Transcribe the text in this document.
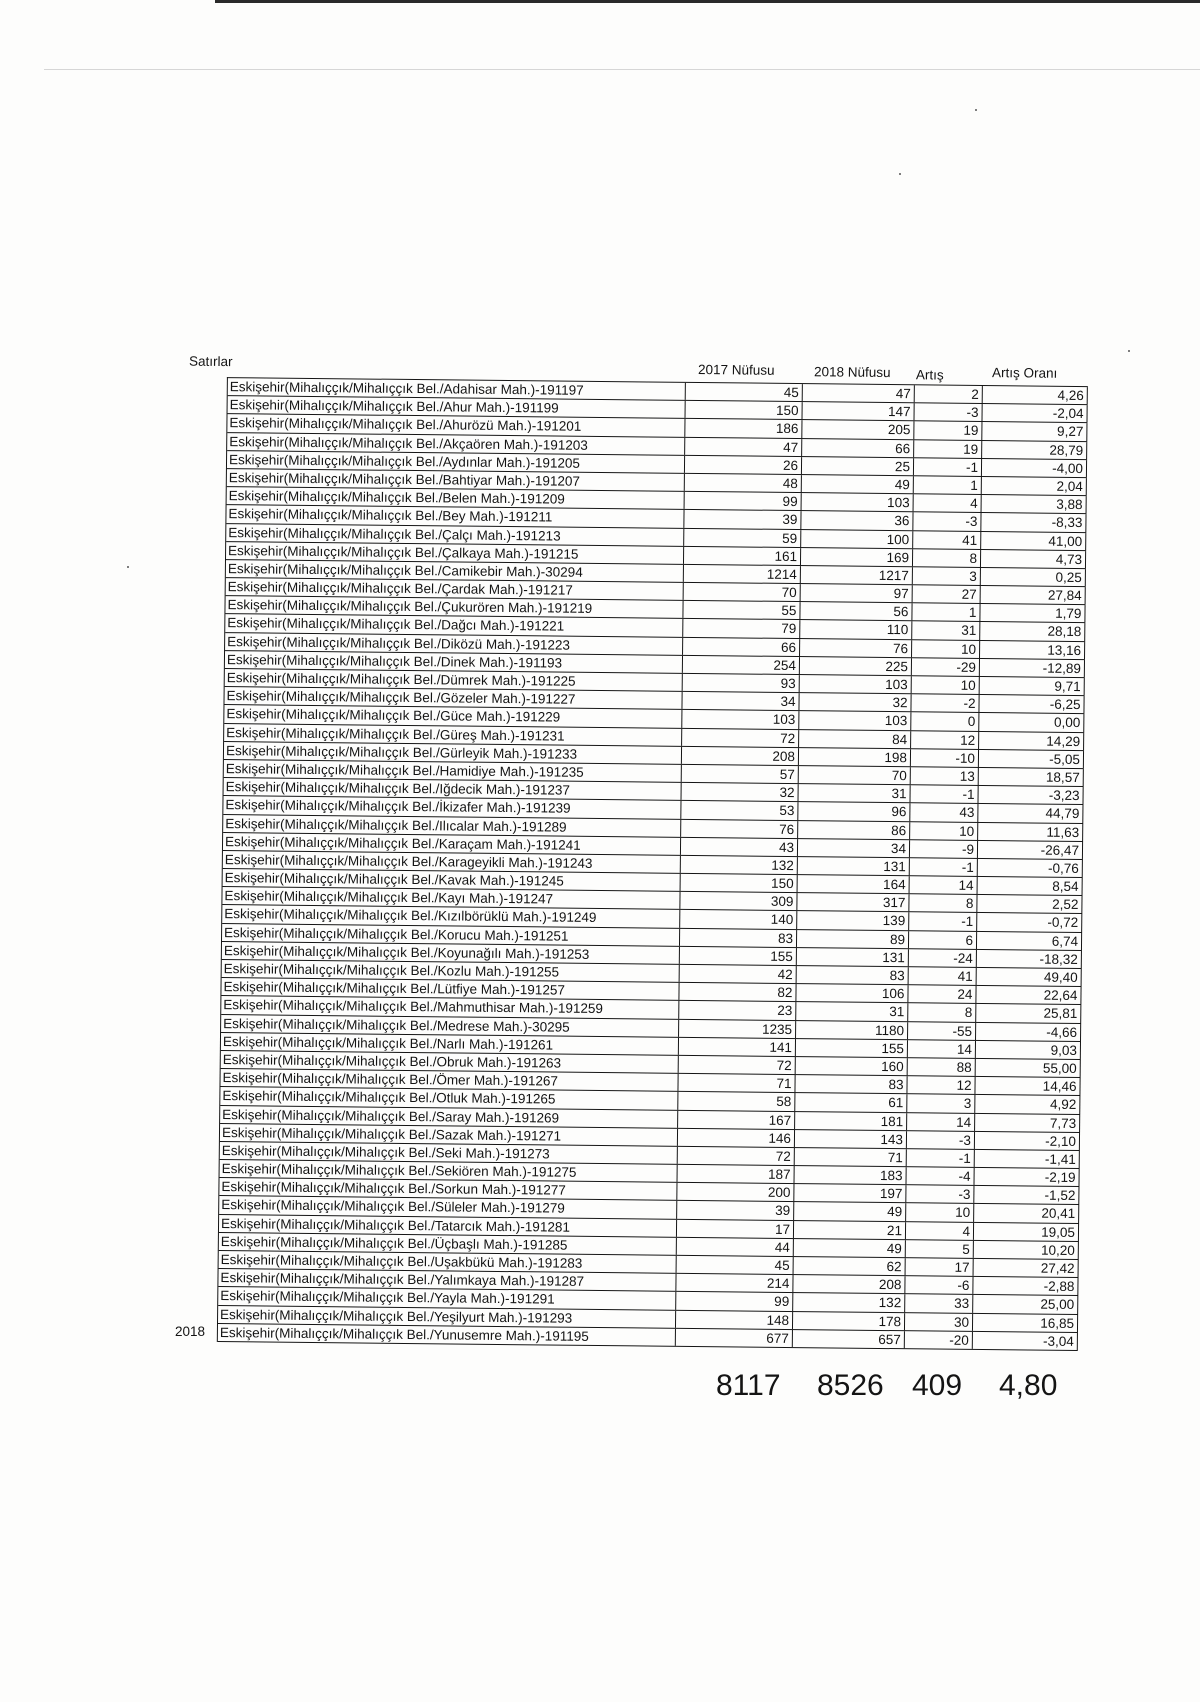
Satırlar
2017 Nüfusu	2018 Nüfusu Artış	Artış Oranı
Eskişehir(Mihalıççık/Mihalıççık Bel./Adahisar Mah.)-191197	45	47	2	4,26
Eskişehir(Mihalıççık/Mihalıççık Bel./Ahur Mah.)-191199	150	147	-3	-2,04
Eskişehir(Mihalıççık/Mihalıççık Bel./Ahurözü Mah.)-191201	186	205	19	9,27
Eskişehir(Mihalıççık/Mihalıççık Bel./Akçaören Mah.)-191203	47	66	19	28,79
Eskişehir(Mihalıççık/Mihalıççık Bel./Aydınlar Mah.)-191205	26	25	-1	-4,00
Eskişehir(Mihalıççık/Mihalıççık Bel./Bahtiyar Mah.)-191207	48	49	1	2,04
Eskişehir(Mihalıççık/Mihalıççık Bel./Belen Mah.)-191209	99	103	4	3,88
Eskişehir(Mihalıççık/Mihalıççık Bel./Bey Mah.)-191211	39	36	-3	-8,33
Eskişehir(Mihalıççık/Mihalıççık Bel./Çalçı Mah.)-191213	59	100	41	41,00
Eskişehir(Mihalıççık/Mihalıççık Bel./Çalkaya Mah.)-191215	161	169	8	4,73
Eskişehir(Mihalıççık/Mihalıççık Bel./Camikebir Mah.)-30294	1214	1217	3	0,25
Eskişehir(Mihalıççık/Mihalıççık Bel./Çardak Mah.)-191217	70	97	27	27,84
Eskişehir(Mihalıççık/Mihalıççık Bel./Çukurören Mah.)-191219	55	56	1	1,79
Eskişehir(Mihalıççık/Mihalıççık Bel./Dağcı Mah.)-191221	79	110	31	28,18
Eskişehir(Mihalıççık/Mihalıççık Bel./Diközü Mah.)-191223	66	76	10	13,16
Eskişehir(Mihalıççık/Mihalıççık Bel./Dinek Mah.)-191193	254	225	-29	-12,89
Eskişehir(Mihalıççık/Mihalıççık Bel./Dümrek Mah.)-191225	93	103	10	9,71
Eskişehir(Mihalıççık/Mihalıççık Bel./Gözeler Mah.)-191227	34	32	-2	-6,25
Eskişehir(Mihalıççık/Mihalıççık Bel./Güce Mah.)-191229	103	103	0	0,00
Eskişehir(Mihalıççık/Mihalıççık Bel./Güreş Mah.)-191231	72	84	12	14,29
Eskişehir(Mihalıççık/Mihalıççık Bel./Gürleyik Mah.)-191233	208	198	-10	-5,05
Eskişehir(Mihalıççık/Mihalıççık Bel./Hamidiye Mah.)-191235	57	70	13	18,57
Eskişehir(Mihalıççık/Mihalıççık Bel./Iğdecik Mah.)-191237	32	31	-1	-3,23
Eskişehir(Mihalıççık/Mihalıççık Bel./İkizafer Mah.)-191239	53	96	43	44,79
Eskişehir(Mihalıççık/Mihalıççık Bel./Ilıcalar Mah.)-191289	76	86	10	11,63
Eskişehir(Mihalıççık/Mihalıççık Bel./Karaçam Mah.)-191241	43	34	-9	-26,47
Eskişehir(Mihalıççık/Mihalıççık Bel./Karageyikli Mah.)-191243	132	131	-1	-0,76
Eskişehir(Mihalıççık/Mihalıççık Bel./Kavak Mah.)-191245	150	164	14	8,54
Eskişehir(Mihalıççık/Mihalıççık Bel./Kayı Mah.)-191247	309	317	8	2,52
Eskişehir(Mihalıççık/Mihalıççık Bel./Kızılbörüklü Mah.)-191249	140	139	-1	-0,72
Eskişehir(Mihalıççık/Mihalıççık Bel./Korucu Mah.)-191251	83	89	6	6,74
Eskişehir(Mihalıççık/Mihalıççık Bel./Koyunağılı Mah.)-191253	155	131	-24	-18,32
Eskişehir(Mihalıççık/Mihalıççık Bel./Kozlu Mah.)-191255	42	83	41	49,40
Eskişehir(Mihalıççık/Mihalıççık Bel./Lütfiye Mah.)-191257	82	106	24	22,64
Eskişehir(Mihalıççık/Mihalıççık Bel./Mahmuthisar Mah.)-191259	23	31	8	25,81
Eskişehir(Mihalıççık/Mihalıççık Bel./Medrese Mah.)-30295	1235	1180	-55	-4,66
Eskişehir(Mihalıççık/Mihalıççık Bel./Narlı Mah.)-191261	141	155	14	9,03
Eskişehir(Mihalıççık/Mihalıççık Bel./Obruk Mah.)-191263	72	160	88	55,00
Eskişehir(Mihalıççık/Mihalıççık Bel./Ömer Mah.)-191267	71	83	12	14,46
Eskişehir(Mihalıççık/Mihalıççık Bel./Otluk Mah.)-191265	58	61	3	4,92
Eskişehir(Mihalıççık/Mihalıççık Bel./Saray Mah.)-191269	167	181	14	7,73
Eskişehir(Mihalıççık/Mihalıççık Bel./Sazak Mah.)-191271	146	143	-3	-2,10
Eskişehir(Mihalıççık/Mihalıççık Bel./Seki Mah.)-191273	72	71	-1	-1,41
Eskişehir(Mihalıççık/Mihalıççık Bel./Sekiören Mah.)-191275	187	183	-4	-2,19
Eskişehir(Mihalıççık/Mihalıççık Bel./Sorkun Mah.)-191277	200	197	-3	-1,52
Eskişehir(Mihalıççık/Mihalıççık Bel./Süleler Mah.)-191279	39	49	10	20,41
Eskişehir(Mihalıççık/Mihalıççık Bel./Tatarcık Mah.)-191281	17	21	4	19,05
Eskişehir(Mihalıççık/Mihalıççık Bel./Üçbaşlı Mah.)-191285	44	49	5	10,20
Eskişehir(Mihalıççık/Mihalıççık Bel./Uşakbükü Mah.)-191283	45	62	17	27,42
Eskişehir(Mihalıççık/Mihalıççık Bel./Yalımkaya Mah.)-191287	214	208	-6	-2,88
Eskişehir(Mihalıççık/Mihalıççık Bel./Yayla Mah.)-191291	99	132	33	25,00
Eskişehir(Mihalıççık/Mihalıççık Bel./Yeşilyurt Mah.)-191293	148	178	30	16,85
Eskişehir(Mihalıççık/Mihalıççık Bel./Yunusemre Mah.)-191195	677	657	-20	-3,04
2018
8117 8526 409 4,80
